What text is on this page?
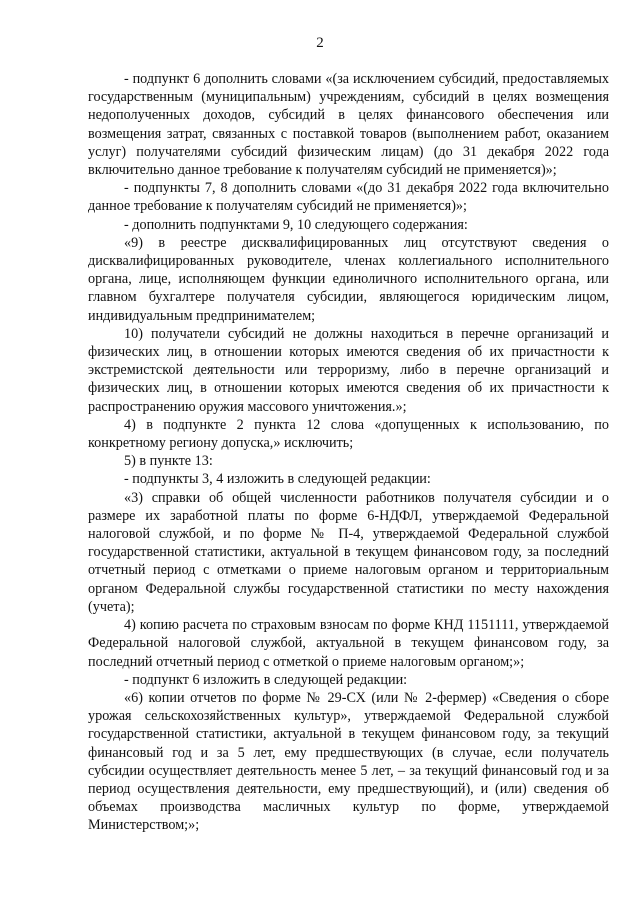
2

- подпункт 6 дополнить словами «(за исключением субсидий, предоставляемых государственным (муниципальным) учреждениям, субсидий в целях возмещения недополученных доходов, субсидий в целях финансового обеспечения или возмещения затрат, связанных с поставкой товаров (выполнением работ, оказанием услуг) получателями субсидий физическим лицам) (до 31 декабря 2022 года включительно данное требование к получателям субсидий не применяется)»;

- подпункты 7, 8 дополнить словами «(до 31 декабря 2022 года включительно данное требование к получателям субсидий не применяется)»;

- дополнить подпунктами 9, 10 следующего содержания:

«9) в реестре дисквалифицированных лиц отсутствуют сведения о дисквалифицированных руководителе, членах коллегиального исполнительного органа, лице, исполняющем функции единоличного исполнительного органа, или главном бухгалтере получателя субсидии, являющегося юридическим лицом, индивидуальным предпринимателем;

10) получатели субсидий не должны находиться в перечне организаций и физических лиц, в отношении которых имеются сведения об их причастности к экстремистской деятельности или терроризму, либо в перечне организаций и физических лиц, в отношении которых имеются сведения об их причастности к распространению оружия массового уничтожения.»;

4) в подпункте 2 пункта 12 слова «допущенных к использованию, по конкретному региону допуска,» исключить;

5) в пункте 13:

- подпункты 3, 4 изложить в следующей редакции:

«3) справки об общей численности работников получателя субсидии и о размере их заработной платы по форме 6-НДФЛ, утверждаемой Федеральной налоговой службой, и по форме № П-4, утверждаемой Федеральной службой государственной статистики, актуальной в текущем финансовом году, за последний отчетный период с отметками о приеме налоговым органом и территориальным органом Федеральной службы государственной статистики по месту нахождения (учета);

4) копию расчета по страховым взносам по форме КНД 1151111, утверждаемой Федеральной налоговой службой, актуальной в текущем финансовом году, за последний отчетный период с отметкой о приеме налоговым органом;»;

- подпункт 6 изложить в следующей редакции:

«6) копии отчетов по форме № 29-СХ (или № 2-фермер) «Сведения о сборе урожая сельскохозяйственных культур», утверждаемой Федеральной службой государственной статистики, актуальной в текущем финансовом году, за текущий финансовый год и за 5 лет, ему предшествующих (в случае, если получатель субсидии осуществляет деятельность менее 5 лет, – за текущий финансовый год и за период осуществления деятельности, ему предшествующий), и (или) сведения об объемах производства масличных культур по форме, утверждаемой Министерством;»;
